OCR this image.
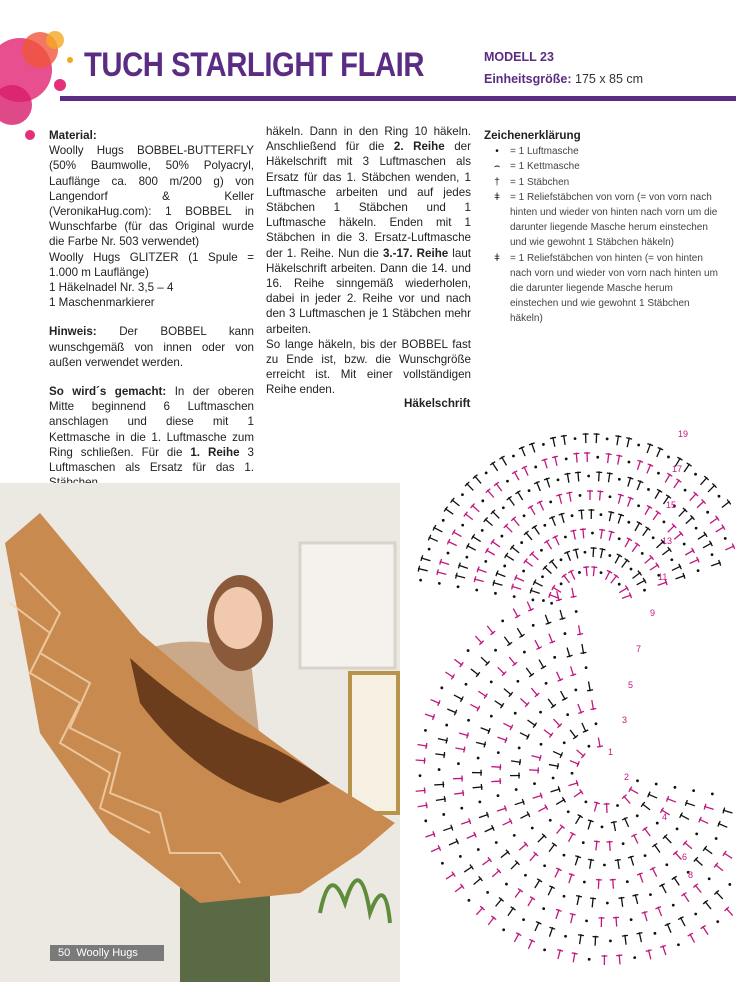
TUCH STARLIGHT FLAIR	MODELL 23
Einheitsgröße: 175 x 85 cm

Material:
Woolly Hugs BOBBEL-BUTTERFLY (50% Baumwolle, 50% Polyacryl, Lauflänge ca. 800 m/200 g) von Langendorf & Keller (VeronikaHug.com): 1 BOBBEL in Wunschfarbe (für das Original wurde die Farbe Nr. 503 verwendet)
Woolly Hugs GLITZER (1 Spule = 1.000 m Lauflänge)
1 Häkelnadel Nr. 3,5 – 4
1 Maschenmarkierer

Hinweis: Der BOBBEL kann wunschgemäß von innen oder von außen verwendet werden.

So wird´s gemacht: In der oberen Mitte beginnend 6 Luftmaschen anschlagen und diese mit 1 Kettmasche in die 1. Luftmasche zum Ring schließen. Für die 1. Reihe 3 Luftmaschen als Ersatz für das 1.

häkeln. Dann in den Ring 10 häkeln. Anschließend für die 2. Reihe der Häkelschrift mit 3 Luftmaschen als Ersatz für das 1. Stäbchen wenden, 1 Luftmasche arbeiten und auf jedes Stäbchen 1 Stäbchen und 1 Luftmasche häkeln. Enden mit 1 Stäbchen in die 3. Ersatz-Luftmasche der 1. Reihe. Nun die 3.-17. Reihe laut Häkelschrift arbeiten. Dann die 14. und 16. Reihe sinngemäß wiederholen, dabei in jeder 2. Reihe vor und nach den 3 Luftmaschen je 1 Stäbchen mehr arbeiten.
So lange häkeln, bis der BOBBEL fast zu Ende ist, bzw. die Wunschgröße erreicht ist. Mit einer vollständigen Reihe enden.

Zeichenerklärung
•	= 1 Luftmasche
⌢ = 1 Kettmasche
†	= 1 Stäbchen
ǂ	= 1 Reliefstäbchen von vorn (= von vorn nach hinten und wieder von hinten nach vorn um die darunter liegende Masche herum einstechen und wie gewohnt 1 Stäbchen häkeln)
ǂ	= 1 Reliefstäbchen von hinten (= von hinten nach vorn und wieder von vorn nach hinten um die darunter liegende Masche herum einstechen und wie gewohnt 1 Stäbchen häkeln)
Häkelschrift
50 Woolly Hugs
19
17
15
13
11
9
7
5
3
1
2
4
6
8
